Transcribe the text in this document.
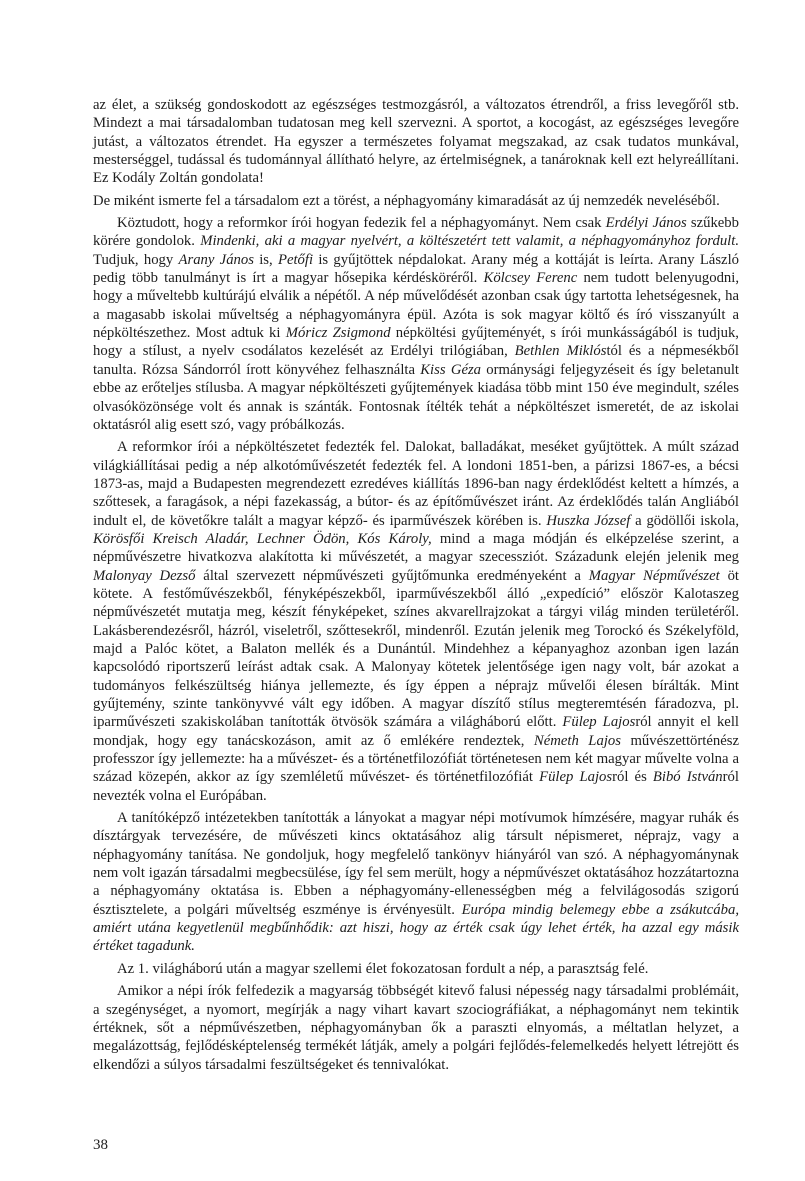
az élet, a szükség gondoskodott az egészséges testmozgásról, a változatos étrendről, a friss levegőről stb. Mindezt a mai társadalomban tudatosan meg kell szervezni. A sportot, a kocogást, az egészséges levegőre jutást, a változatos étrendet. Ha egyszer a természetes folyamat megszakad, az csak tudatos munkával, mesterséggel, tudással és tudománnyal állítható helyre, az értelmiségnek, a tanároknak kell ezt helyreállítani. Ez Kodály Zoltán gondolata!

De miként ismerte fel a társadalom ezt a törést, a néphagyomány kimaradását az új nemzedék neveléséből.

Köztudott, hogy a reformkor írói hogyan fedezik fel a néphagyományt. Nem csak Erdélyi János szűkebb körére gondolok. Mindenki, aki a magyar nyelvért, a költészetért tett valamit, a néphagyományhoz fordult. Tudjuk, hogy Arany János is, Petőfi is gyűjtöttek népdalokat. Arany még a kottáját is leírta. Arany László pedig több tanulmányt is írt a magyar hősepika kérdésköréről. Kölcsey Ferenc nem tudott belenyugodni, hogy a műveltebb kultúrájú elválik a népétől. A nép művelődését azonban csak úgy tartotta lehetségesnek, ha a magasabb iskolai műveltség a néphagyományra épül. Azóta is sok magyar költő és író visszanyúlt a népköltészethez. Most adtuk ki Móricz Zsigmond népköltési gyűjteményét, s írói munkásságából is tudjuk, hogy a stílust, a nyelv csodálatos kezelését az Erdélyi trilógiában, Bethlen Miklóstól és a népmesékből tanulta. Rózsa Sándorról írott könyvéhez felhasználta Kiss Géza ormánysági feljegyzéseit és így beletanult ebbe az erőteljes stílusba. A magyar népköltészeti gyűjtemények kiadása több mint 150 éve megindult, széles olvasóközönsége volt és annak is szánták. Fontosnak ítélték tehát a népköltészet ismeretét, de az iskolai oktatásról alig esett szó, vagy próbálkozás.

A reformkor írói a népköltészetet fedezték fel. Dalokat, balladákat, meséket gyűjtöttek. A múlt század világkiállításai pedig a nép alkotóművészetét fedezték fel. A londoni 1851-ben, a párizsi 1867-es, a bécsi 1873-as, majd a Budapesten megrendezett ezredéves kiállítás 1896-ban nagy érdeklődést keltett a hímzés, a szőttesek, a faragások, a népi fazekasság, a bútor- és az építőművészet iránt. Az érdeklődés talán Angliából indult el, de követőkre talált a magyar képző- és iparművészek körében is. Huszka József a gödöllői iskola, Körösfői Kreisch Aladár, Lechner Ödön, Kós Károly, mind a maga módján és elképzelése szerint, a népművészetre hivatkozva alakította ki művészetét, a magyar szecessziót. Századunk elején jelenik meg Malonyay Dezső által szervezett népművészeti gyűjtőmunka eredményeként a Magyar Népművészet öt kötete. A festőművészekből, fényképészekből, iparművészekből álló „expedíció” először Kalotaszeg népművészetét mutatja meg, készít fényképeket, színes akvarellrajzokat a tárgyi világ minden területéről. Lakásberendezésről, házról, viseletről, szőttesekről, mindenről. Ezután jelenik meg Torockó és Székelyföld, majd a Palóc kötet, a Balaton mellék és a Dunántúl. Mindehhez a képanyaghoz azonban igen lazán kapcsolódó riportszerű leírást adtak csak. A Malonyay kötetek jelentősége igen nagy volt, bár azokat a tudományos felkészültség hiánya jellemezte, és így éppen a néprajz művelői élesen bírálták. Mint gyűjtemény, szinte tankönyvvé vált egy időben. A magyar díszítő stílus megteremtésén fáradozva, pl. iparművészeti szakiskolában tanították ötvösök számára a világháború előtt. Fülep Lajosról annyit el kell mondjak, hogy egy tanácskozáson, amit az ő emlékére rendeztek, Németh Lajos művészettörténész professzor így jellemezte: ha a művészet- és a történetfilozófiát történetesen nem két magyar művelte volna a század közepén, akkor az így szemléletű művészet- és történetfilozófiát Fülep Lajosról és Bibó Istvánról nevezték volna el Európában.

A tanítóképző intézetekben tanították a lányokat a magyar népi motívumok hímzésére, magyar ruhák és dísztárgyak tervezésére, de művészeti kincs oktatásához alig társult népismeret, néprajz, vagy a néphagyomány tanítása. Ne gondoljuk, hogy megfelelő tankönyv hiányáról van szó. A néphagyománynak nem volt igazán társadalmi megbecsülése, így fel sem merült, hogy a népművészet oktatásához hozzátartozna a néphagyomány oktatása is. Ebben a néphagyomány-ellenességben még a felvilágosodás szigorú észtisztelete, a polgári műveltség eszménye is érvényesült. Európa mindig belemegy ebbe a zsákutcába, amiért utána kegyetlenül megbűnhődik: azt hiszi, hogy az érték csak úgy lehet érték, ha azzal egy másik értéket tagadunk.

Az 1. világháború után a magyar szellemi élet fokozatosan fordult a nép, a parasztság felé.

Amikor a népi írók felfedezik a magyarság többségét kitevő falusi népesség nagy társadalmi problémáit, a szegénységet, a nyomort, megírják a nagy vihart kavart szociográfiákat, a néphagományt nem tekintik értéknek, sőt a népművészetben, néphagyományban ők a paraszti elnyomás, a méltatlan helyzet, a megalázottság, fejlődésképtelenség termékét látják, amely a polgári fejlődés-felemelkedés helyett létrejött és elkendőzi a súlyos társadalmi feszültségeket és tennivalókat.

38
